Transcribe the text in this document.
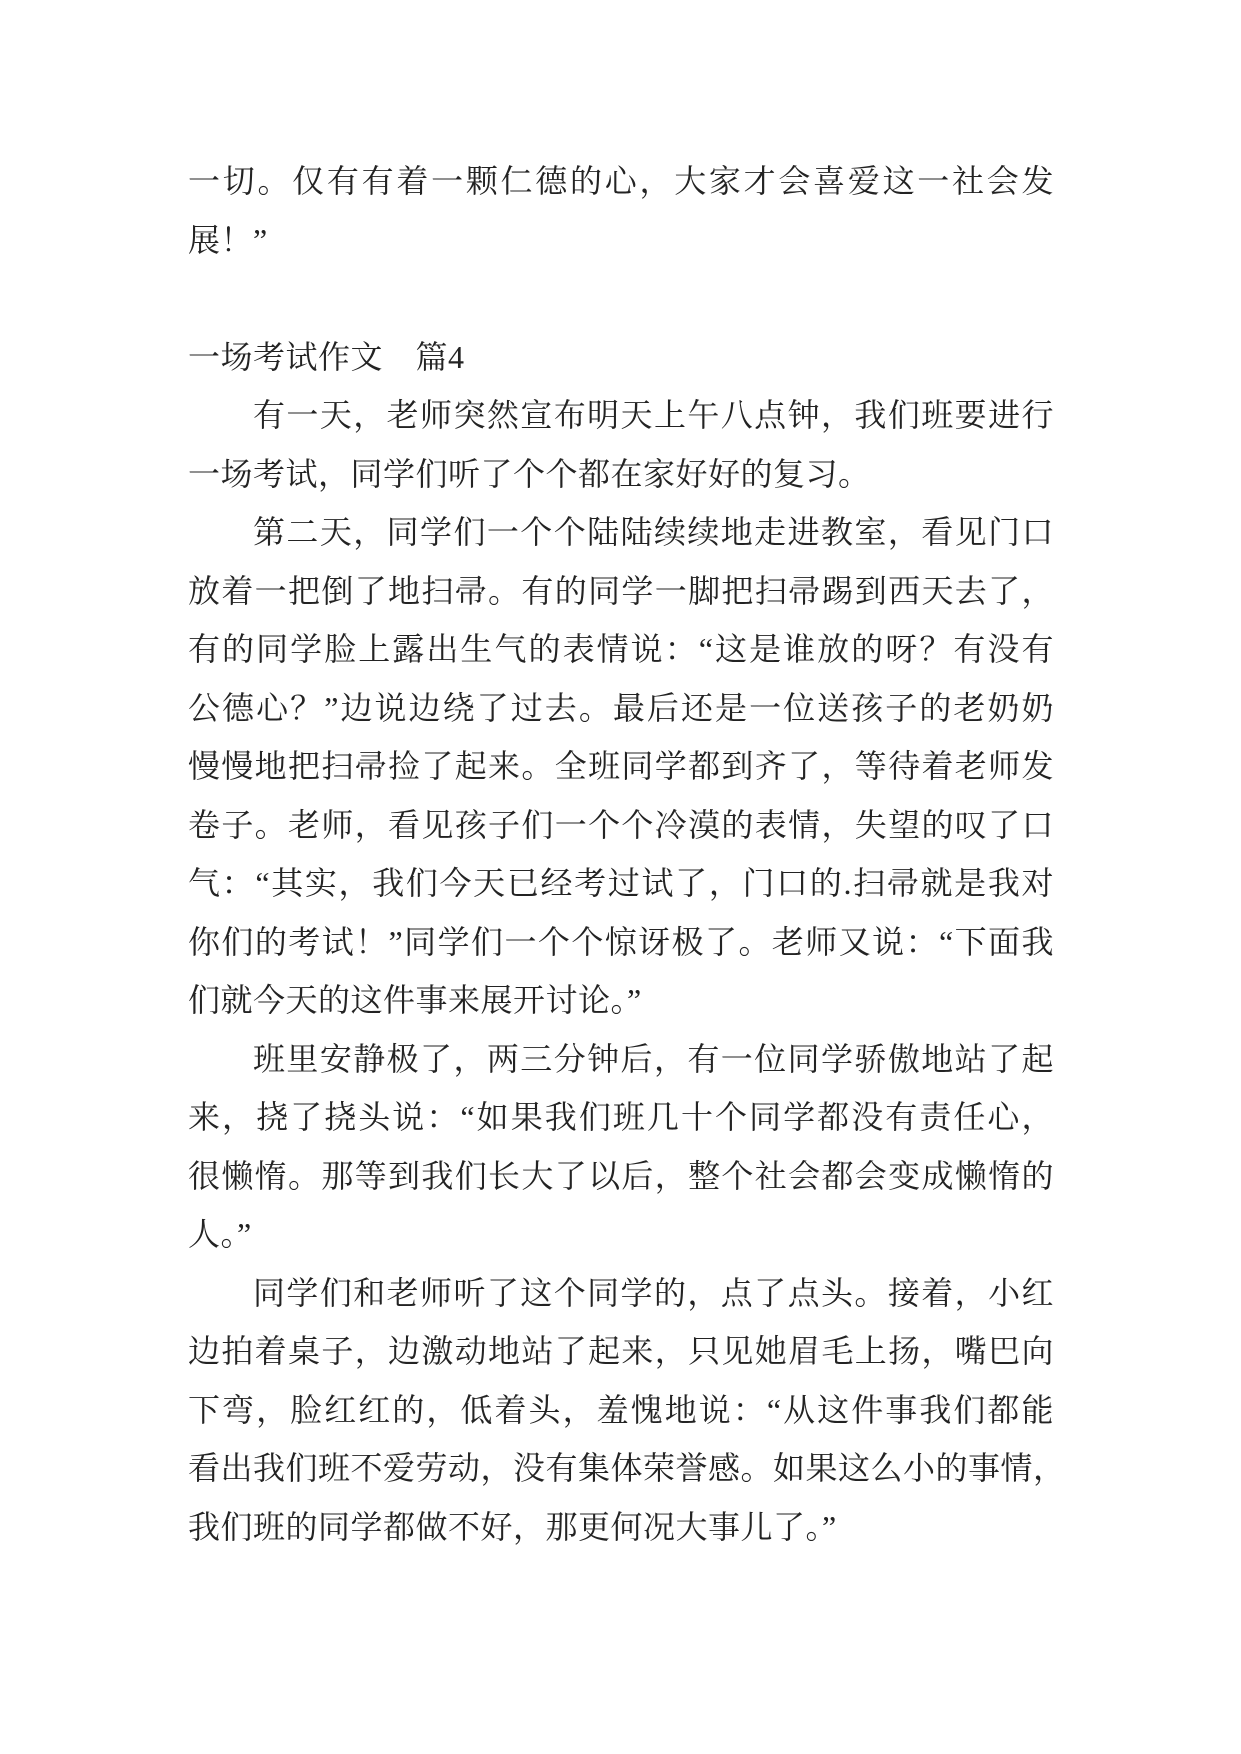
一切。仅有有着一颗仁德的心，大家才会喜爱这一社会发
展！”
一场考试作文　篇4
有一天，老师突然宣布明天上午八点钟，我们班要进行
一场考试，同学们听了个个都在家好好的复习。
第二天，同学们一个个陆陆续续地走进教室，看见门口
放着一把倒了地扫帚。有的同学一脚把扫帚踢到西天去了，
有的同学脸上露出生气的表情说：“这是谁放的呀？有没有
公德心？”边说边绕了过去。最后还是一位送孩子的老奶奶
慢慢地把扫帚捡了起来。全班同学都到齐了，等待着老师发
卷子。老师，看见孩子们一个个冷漠的表情，失望的叹了口
气：“其实，我们今天已经考过试了，门口的.扫帚就是我对
你们的考试！”同学们一个个惊讶极了。老师又说：“下面我
们就今天的这件事来展开讨论。”
班里安静极了，两三分钟后，有一位同学骄傲地站了起
来，挠了挠头说：“如果我们班几十个同学都没有责任心，
很懒惰。那等到我们长大了以后，整个社会都会变成懒惰的
人。”
同学们和老师听了这个同学的，点了点头。接着，小红
边拍着桌子，边激动地站了起来，只见她眉毛上扬，嘴巴向
下弯，脸红红的，低着头，羞愧地说：“从这件事我们都能
看出我们班不爱劳动，没有集体荣誉感。如果这么小的事情，
我们班的同学都做不好，那更何况大事儿了。”
